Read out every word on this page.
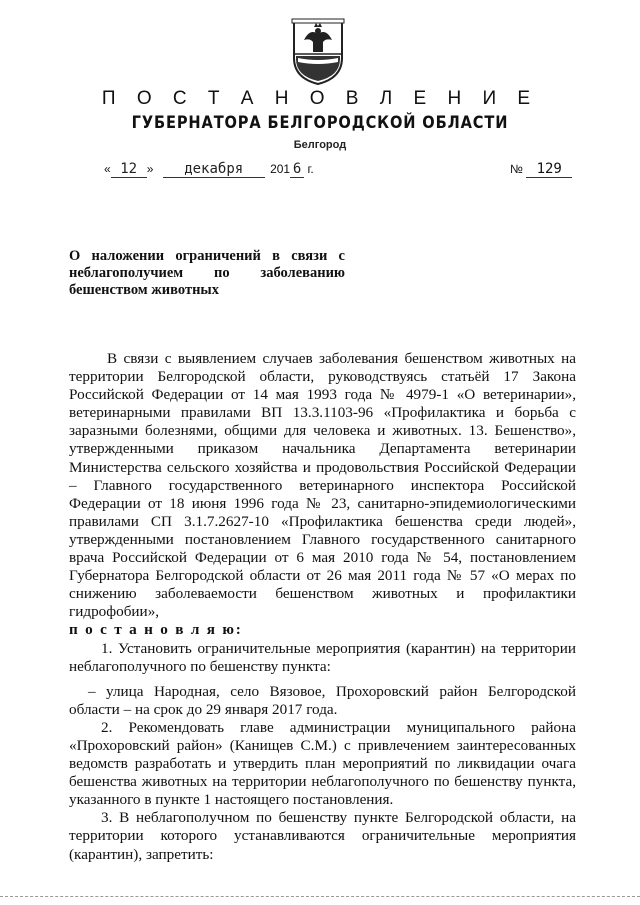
П О С Т А Н О В Л Е Н И Е
ГУБЕРНАТОРА БЕЛГОРОДСКОЙ ОБЛАСТИ
Белгород
« 12 » декабря 201 6 г.	№ 129
О наложении ограничений в связи с неблагополучием по заболеванию бешенством животных

В связи с выявлением случаев заболевания бешенством животных на территории Белгородской области, руководствуясь статьёй 17 Закона Российской Федерации от 14 мая 1993 года № 4979-1 «О ветеринарии», ветеринарными правилами ВП 13.3.1103-96 «Профилактика и борьба с заразными болезнями, общими для человека и животных. 13. Бешенство», утвержденными приказом начальника Департамента ветеринарии Министерства сельского хозяйства и продовольствия Российской Федерации – Главного государственного ветеринарного инспектора Российской Федерации от 18 июня 1996 года № 23, санитарно-эпидемиологическими правилами СП 3.1.7.2627-10 «Профилактика бешенства среди людей», утвержденными постановлением Главного государственного санитарного врача Российской Федерации от 6 мая 2010 года № 54, постановлением Губернатора Белгородской области от 26 мая 2011 года № 57 «О мерах по снижению заболеваемости бешенством животных и профилактики гидрофобии»,

п о с т а н о в л я ю:

1. Установить ограничительные мероприятия (карантин) на территории неблагополучного по бешенству пункта:

– улица Народная, село Вязовое, Прохоровский район Белгородской области – на срок до 29 января 2017 года.

2. Рекомендовать главе администрации муниципального района «Прохоровский район» (Канищев С.М.) с привлечением заинтересованных ведомств разработать и утвердить план мероприятий по ликвидации очага бешенства животных на территории неблагополучного по бешенству пункта, указанного в пункте 1 настоящего постановления.

3. В неблагополучном по бешенству пункте Белгородской области, на территории которого устанавливаются ограничительные мероприятия (карантин), запретить:
